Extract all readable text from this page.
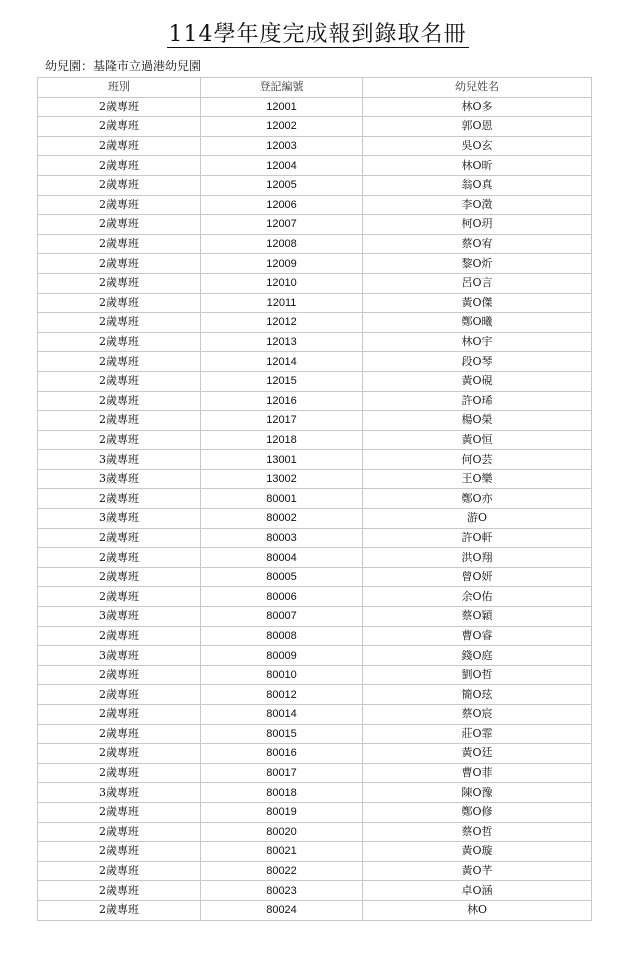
114學年度完成報到錄取名冊
幼兒園：基隆市立過港幼兒園
班別	登記編號	幼兒姓名
2歲專班	12001	林O多
2歲專班	12002	郭O恩
2歲專班	12003	吳O玄
2歲專班	12004	林O昕
2歲專班	12005	翁O真
2歲專班	12006	李O澂
2歲專班	12007	柯O玥
2歲專班	12008	蔡O宥
2歲專班	12009	黎O炘
2歲專班	12010	呂O言
2歲專班	12011	黃O傑
2歲專班	12012	鄭O曦
2歲專班	12013	林O宇
2歲專班	12014	段O琴
2歲專班	12015	黃O硯
2歲專班	12016	許O琋
2歲專班	12017	楊O榮
2歲專班	12018	黃O恒
3歲專班	13001	何O芸
3歲專班	13002	王O樂
2歲專班	80001	鄭O亦
3歲專班	80002	游O
2歲專班	80003	許O軒
2歲專班	80004	洪O翔
2歲專班	80005	曾O妍
2歲專班	80006	余O佑
3歲專班	80007	蔡O穎
2歲專班	80008	曹O睿
3歲專班	80009	錢O庭
2歲專班	80010	劉O哲
2歲專班	80012	簡O玹
2歲專班	80014	蔡O宸
2歲專班	80015	莊O霏
2歲專班	80016	黃O廷
2歲專班	80017	曹O菲
3歲專班	80018	陳O豫
2歲專班	80019	鄭O修
2歲專班	80020	蔡O哲
2歲專班	80021	黃O璇
2歲專班	80022	黃O芊
2歲專班	80023	卓O涵
2歲專班	80024	林O
